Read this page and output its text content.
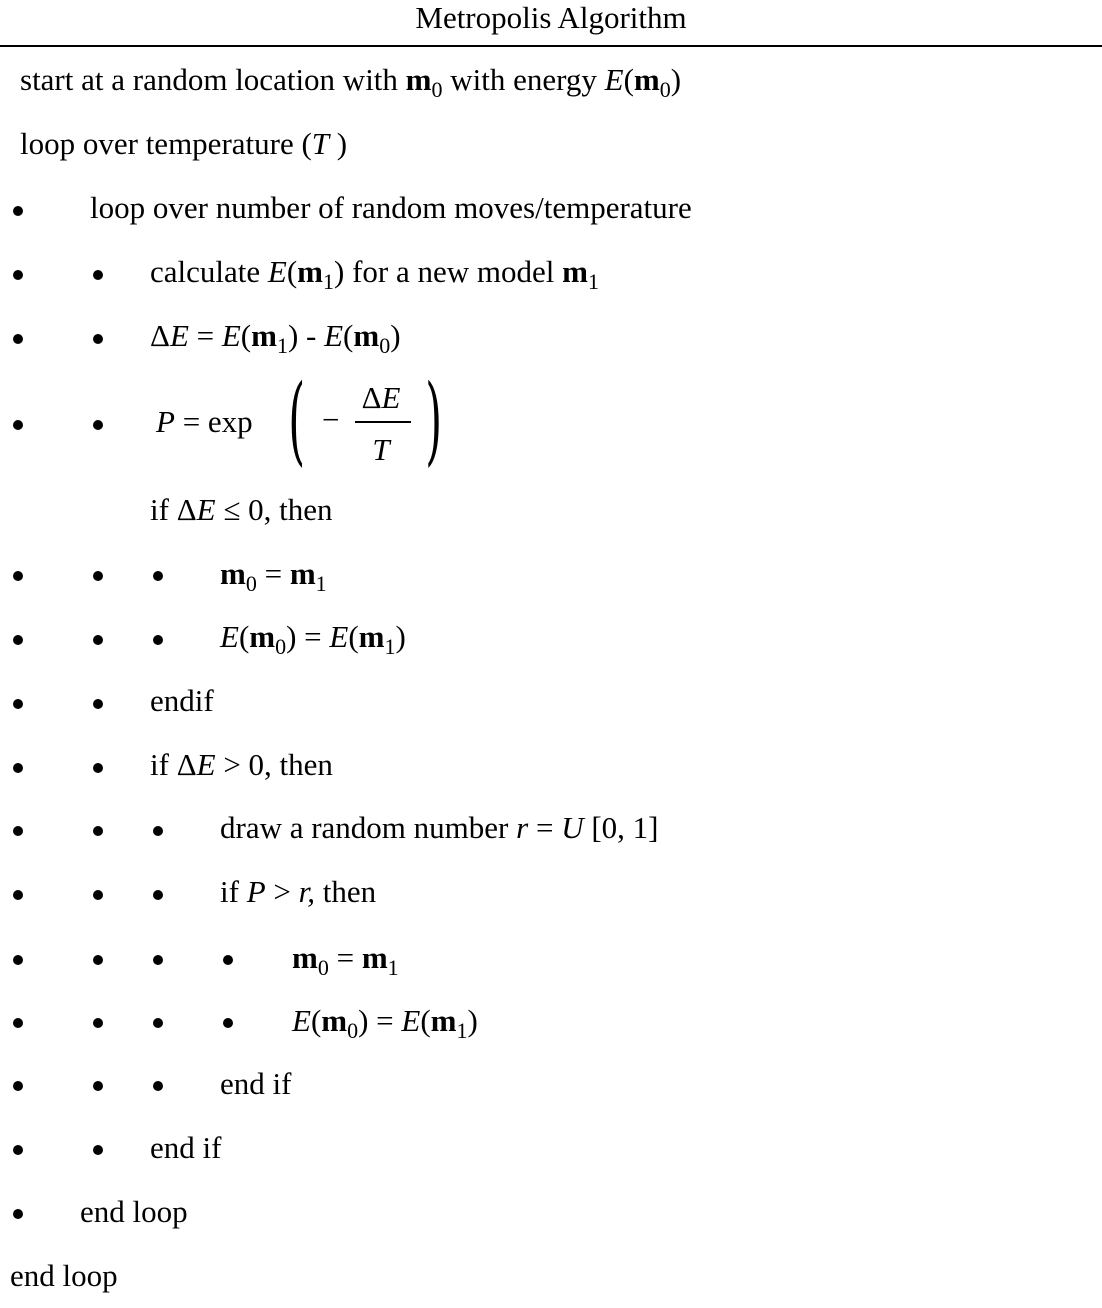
Metropolis Algorithm
start at a random location with $m_0$ with energy $E(m_0)$
loop over temperature (T )
loop over number of random moves/temperature
calculate $E(m_1)$ for a new model $m_1$
$\Delta E = E(m_1) - E(m_0)$
P = exp ( −
ΔE
T )
if ΔE ≤ 0, then
$m_0 = m_1$
$E(m_0) = E(m_1)$
endif
if ΔE > 0, then
draw a random number r = U [0, 1]
if P > r, then
$m_0 = m_1$
$E(m_0) = E(m_1)$
end if
end if
end loop
end loop
